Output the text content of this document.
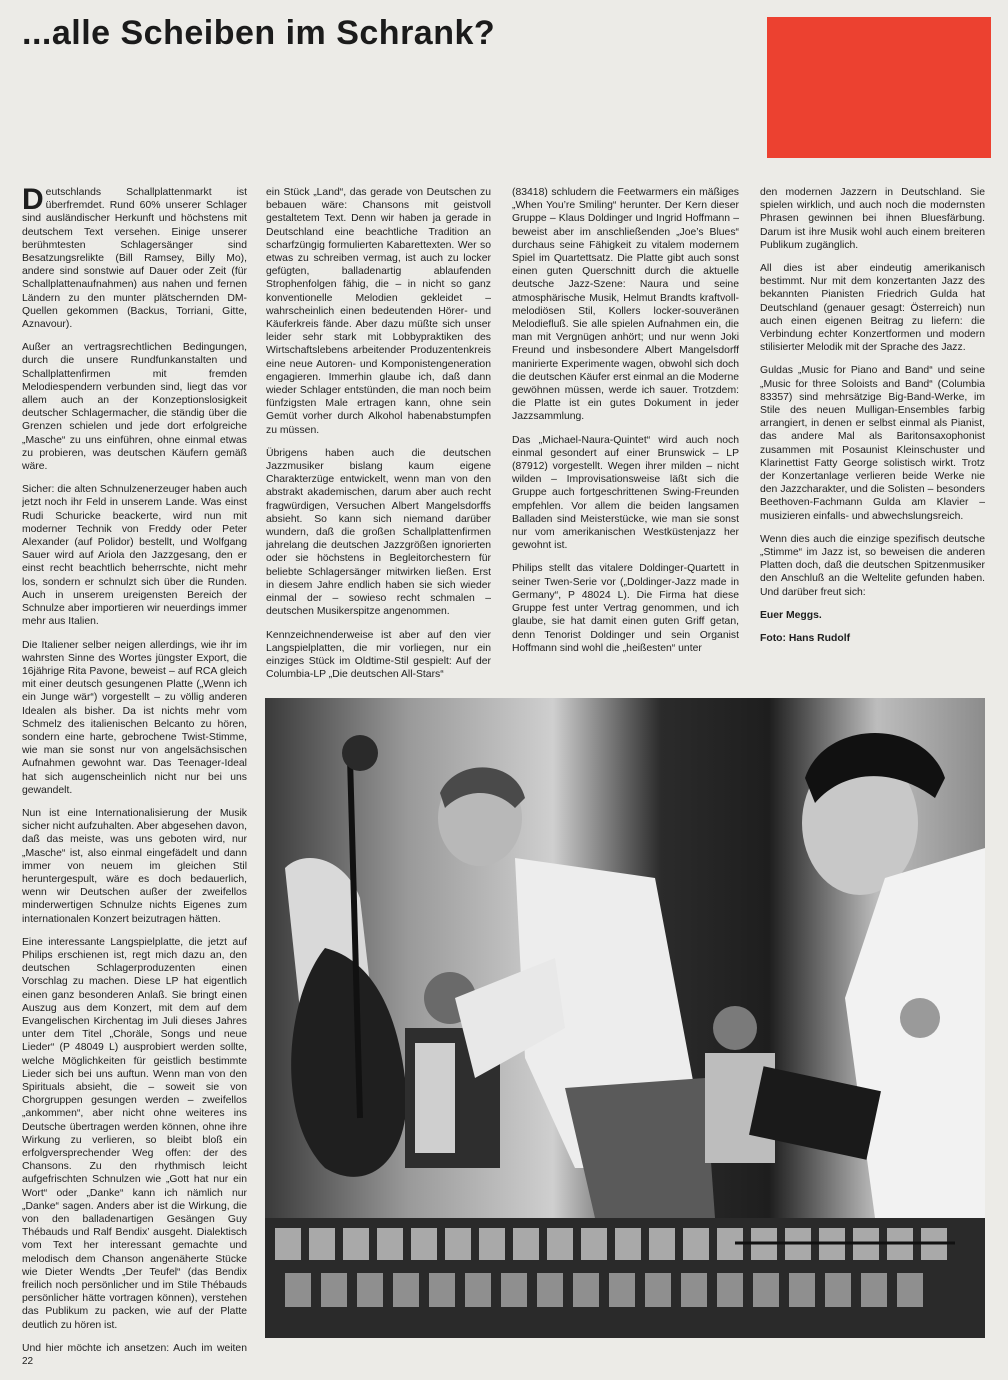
...alle Scheiben im Schrank?

Deutschlands Schallplattenmarkt ist überfremdet. Rund 60% unserer Schlager sind ausländischer Herkunft und höchstens mit deutschem Text versehen. Einige unserer berühmtesten Schlagersänger sind Besatzungsrelikte (Bill Ramsey, Billy Mo), andere sind sonstwie auf Dauer oder Zeit (für Schallplattenaufnahmen) aus nahen und fernen Ländern zu den munter plätschernden DM-Quellen gekommen (Backus, Torriani, Gitte, Aznavour).

Außer an vertragsrechtlichen Bedingungen, durch die unsere Rundfunkanstalten und Schallplattenfirmen mit fremden Melodiespendern verbunden sind, liegt das vor allem auch an der Konzeptionslosigkeit deutscher Schlagermacher, die ständig über die Grenzen schielen und jede dort erfolgreiche „Masche“ zu uns einführen, ohne einmal etwas zu probieren, was deutschen Käufern gemäß wäre.

Sicher: die alten Schnulzenerzeuger haben auch jetzt noch ihr Feld in unserem Lande. Was einst Rudi Schuricke beackerte, wird nun mit moderner Technik von Freddy oder Peter Alexander (auf Polidor) bestellt, und Wolfgang Sauer wird auf Ariola den Jazzgesang, den er einst recht beachtlich beherrschte, nicht mehr los, sondern er schnulzt sich über die Runden. Auch in unserem ureigensten Bereich der Schnulze aber importieren wir neuerdings immer mehr aus Italien.

Die Italiener selber neigen allerdings, wie ihr im wahrsten Sinne des Wortes jüngster Export, die 16jährige Rita Pavone, beweist – auf RCA gleich mit einer deutsch gesungenen Platte („Wenn ich ein Junge wär“) vorgestellt – zu völlig anderen Idealen als bisher. Da ist nichts mehr vom Schmelz des italienischen Belcanto zu hören, sondern eine harte, gebrochene Twist-Stimme, wie man sie sonst nur von angelsächsischen Aufnahmen gewohnt war. Das Teenager-Ideal hat sich augenscheinlich nicht nur bei uns gewandelt.

Nun ist eine Internationalisierung der Musik sicher nicht aufzuhalten. Aber abgesehen davon, daß das meiste, was uns geboten wird, nur „Masche“ ist, also einmal eingefädelt und dann immer von neuem im gleichen Stil heruntergespult, wäre es doch bedauerlich, wenn wir Deutschen außer der zweifellos minderwertigen Schnulze nichts Eigenes zum internationalen Konzert beizutragen hätten.

Eine interessante Langspielplatte, die jetzt auf Philips erschienen ist, regt mich dazu an, den deutschen Schlagerproduzenten einen Vorschlag zu machen. Diese LP hat eigentlich einen ganz besonderen Anlaß. Sie bringt einen Auszug aus dem Konzert, mit dem auf dem Evangelischen Kirchentag im Juli dieses Jahres unter dem Titel „Choräle, Songs und neue Lieder“ (P 48049 L) ausprobiert werden sollte, welche Möglichkeiten für geistlich bestimmte Lieder sich bei uns auftun. Wenn man von den Spirituals absieht, die – soweit sie von Chorgruppen gesungen werden – zweifellos „ankommen“, aber nicht ohne weiteres ins Deutsche übertragen werden können, ohne ihre Wirkung zu verlieren, so bleibt bloß ein erfolgversprechender Weg offen: der des Chansons. Zu den rhythmisch leicht aufgefrischten Schnulzen wie „Gott hat nur ein Wort“ oder „Danke“ kann ich nämlich nur „Danke“ sagen. Anders aber ist die Wirkung, die von den balladenartigen Gesängen Guy Thébauds und Ralf Bendix’ ausgeht. Dialektisch vom Text her interessant gemachte und melodisch dem Chanson angenäherte Stücke wie Dieter Wendts „Der Teufel“ (das Bendix freilich noch persönlicher und im Stile Thébauds persönlicher hätte vortragen können), verstehen das Publikum zu packen, wie auf der Platte deutlich zu hören ist.

Und hier möchte ich ansetzen: Auch im weiten

ein Stück „Land“, das gerade von Deutschen zu bebauen wäre: Chansons mit geistvoll gestaltetem Text. Denn wir haben ja gerade in Deutschland eine beachtliche Tradition an scharfzüngig formulierten Kabarettexten. Wer so etwas zu schreiben vermag, ist auch zu locker gefügten, balladenartig ablaufenden Strophenfolgen fähig, die – in nicht so ganz konventionelle Melodien gekleidet – wahrscheinlich einen bedeutenden Hörer- und Käuferkreis fände. Aber dazu müßte sich unser leider sehr stark mit Lobbypraktiken des Wirtschaftslebens arbeitender Produzentenkreis eine neue Autoren- und Komponistengeneration engagieren. Immerhin glaube ich, daß dann wieder Schlager entstünden, die man noch beim fünfzigsten Male ertragen kann, ohne sein Gemüt vorher durch Alkohol habenabstumpfen zu müssen.

Übrigens haben auch die deutschen Jazzmusiker bislang kaum eigene Charakterzüge entwickelt, wenn man von den abstrakt akademischen, darum aber auch recht fragwürdigen, Versuchen Albert Mangelsdorffs absieht. So kann sich niemand darüber wundern, daß die großen Schallplattenfirmen jahrelang die deutschen Jazzgrößen ignorierten oder sie höchstens in Begleitorchestern für beliebte Schlagersänger mitwirken ließen. Erst in diesem Jahre endlich haben sie sich wieder einmal der – sowieso recht schmalen – deutschen Musikerspitze angenommen.

Kennzeichnenderweise ist aber auf den vier Langspielplatten, die mir vorliegen, nur ein einziges Stück im Oldtime-Stil gespielt: Auf der Columbia-LP „Die deutschen All-Stars“

(83418) schludern die Feetwarmers ein mäßiges „When You’re Smiling“ herunter. Der Kern dieser Gruppe – Klaus Doldinger und Ingrid Hoffmann – beweist aber im anschließenden „Joe’s Blues“ durchaus seine Fähigkeit zu vitalem modernem Spiel im Quartettsatz. Die Platte gibt auch sonst einen guten Querschnitt durch die aktuelle deutsche Jazz-Szene: Naura und seine atmosphärische Musik, Helmut Brandts kraftvoll-melodiösen Stil, Kollers locker-souveränen Melodiefluß. Sie alle spielen Aufnahmen ein, die man mit Vergnügen anhört; und nur wenn Joki Freund und insbesondere Albert Mangelsdorff manirierte Experimente wagen, obwohl sich doch die deutschen Käufer erst einmal an die Moderne gewöhnen müssen, werde ich sauer. Trotzdem: die Platte ist ein gutes Dokument in jeder Jazzsammlung.

Das „Michael-Naura-Quintet“ wird auch noch einmal gesondert auf einer Brunswick – LP (87912) vorgestellt. Wegen ihrer milden – nicht wilden – Improvisationsweise läßt sich die Gruppe auch fortgeschrittenen Swing-Freunden empfehlen. Vor allem die beiden langsamen Balladen sind Meisterstücke, wie man sie sonst nur vom amerikanischen Westküstenjazz her gewohnt ist.

Philips stellt das vitalere Doldinger-Quartett in seiner Twen-Serie vor („Doldinger-Jazz made in Germany“, P 48024 L). Die Firma hat diese Gruppe fest unter Vertrag genommen, und ich glaube, sie hat damit einen guten Griff getan, denn Tenorist Doldinger und sein Organist Hoffmann sind wohl die „heißesten“ unter

den modernen Jazzern in Deutschland. Sie spielen wirklich, und auch noch die modernsten Phrasen gewinnen bei ihnen Bluesfärbung. Darum ist ihre Musik wohl auch einem breiteren Publikum zugänglich.

All dies ist aber eindeutig amerikanisch bestimmt. Nur mit dem konzertanten Jazz des bekannten Pianisten Friedrich Gulda hat Deutschland (genauer gesagt: Österreich) nun auch einen eigenen Beitrag zu liefern: die Verbindung echter Konzertformen und modern stilisierter Melodik mit der Sprache des Jazz.

Guldas „Music for Piano and Band“ und seine „Music for three Soloists and Band“ (Columbia 83357) sind mehrsätzige Big-Band-Werke, im Stile des neuen Mulligan-Ensembles farbig arrangiert, in denen er selbst einmal als Pianist, das andere Mal als Baritonsaxophonist zusammen mit Posaunist Kleinschuster und Klarinettist Fatty George solistisch wirkt. Trotz der Konzertanlage verlieren beide Werke nie den Jazzcharakter, und die Solisten – besonders Beethoven-Fachmann Gulda am Klavier – musizieren einfalls- und abwechslungsreich.

Wenn dies auch die einzige spezifisch deutsche „Stimme“ im Jazz ist, so beweisen die anderen Platten doch, daß die deutschen Spitzenmusiker den Anschluß an die Weltelite gefunden haben. Und darüber freut sich:

Euer Meggs.

Foto: Hans Rudolf

22
